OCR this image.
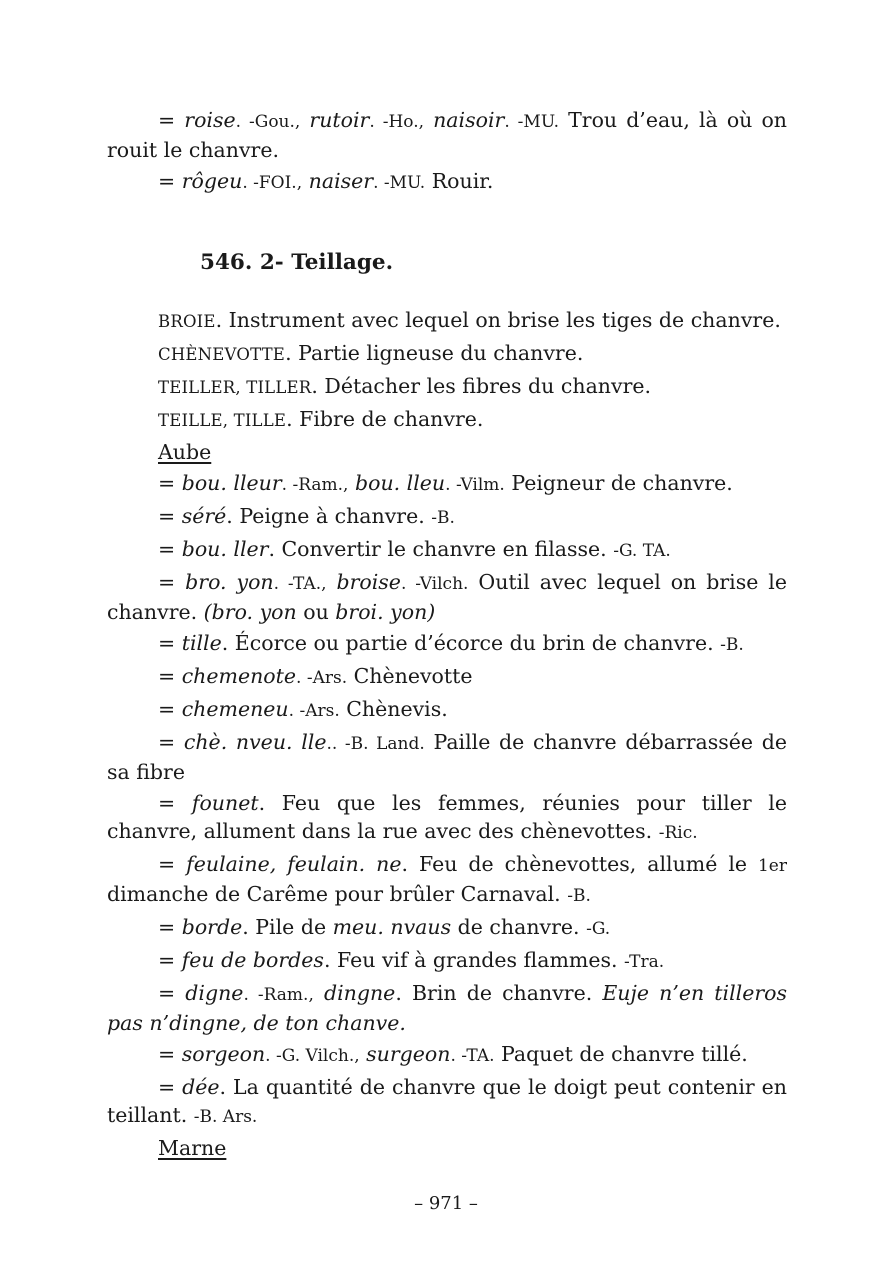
= roise. -Gou., rutoir. -Ho., naisoir. -MU. Trou d’eau, là où on rouit le chanvre.

= rôgeu. -FOI., naiser. -MU. Rouir.

546. 2- Teillage.

BROIE. Instrument avec lequel on brise les tiges de chanvre.

CHÈNEVOTTE. Partie ligneuse du chanvre.

TEILLER, TILLER. Détacher les fibres du chanvre.

TEILLE, TILLE. Fibre de chanvre.

Aube

= bou. lleur. -Ram., bou. lleu. -Vilm. Peigneur de chanvre.

= séré. Peigne à chanvre. -B.

= bou. ller. Convertir le chanvre en filasse. -G. TA.

= bro. yon. -TA., broise. -Vilch. Outil avec lequel on brise le chanvre. (bro. yon ou broi. yon)

= tille. Écorce ou partie d’écorce du brin de chanvre. -B.

= chemenote. -Ars. Chènevotte

= chemeneu. -Ars. Chènevis.

= chè. nveu. lle.. -B. Land. Paille de chanvre débarrassée de sa fibre

= founet. Feu que les femmes, réunies pour tiller le chanvre, allument dans la rue avec des chènevottes. -Ric.

= feulaine, feulain. ne. Feu de chènevottes, allumé le 1er dimanche de Carême pour brûler Carnaval. -B.

= borde. Pile de meu. nvaus de chanvre. -G.

= feu de bordes. Feu vif à grandes flammes. -Tra.

= digne. -Ram., dingne. Brin de chanvre. Euje n’en tilleros pas n’dingne, de ton chanve.

= sorgeon. -G. Vilch., surgeon. -TA. Paquet de chanvre tillé.

= dée. La quantité de chanvre que le doigt peut contenir en teillant. -B. Ars.

Marne

– 971 –
